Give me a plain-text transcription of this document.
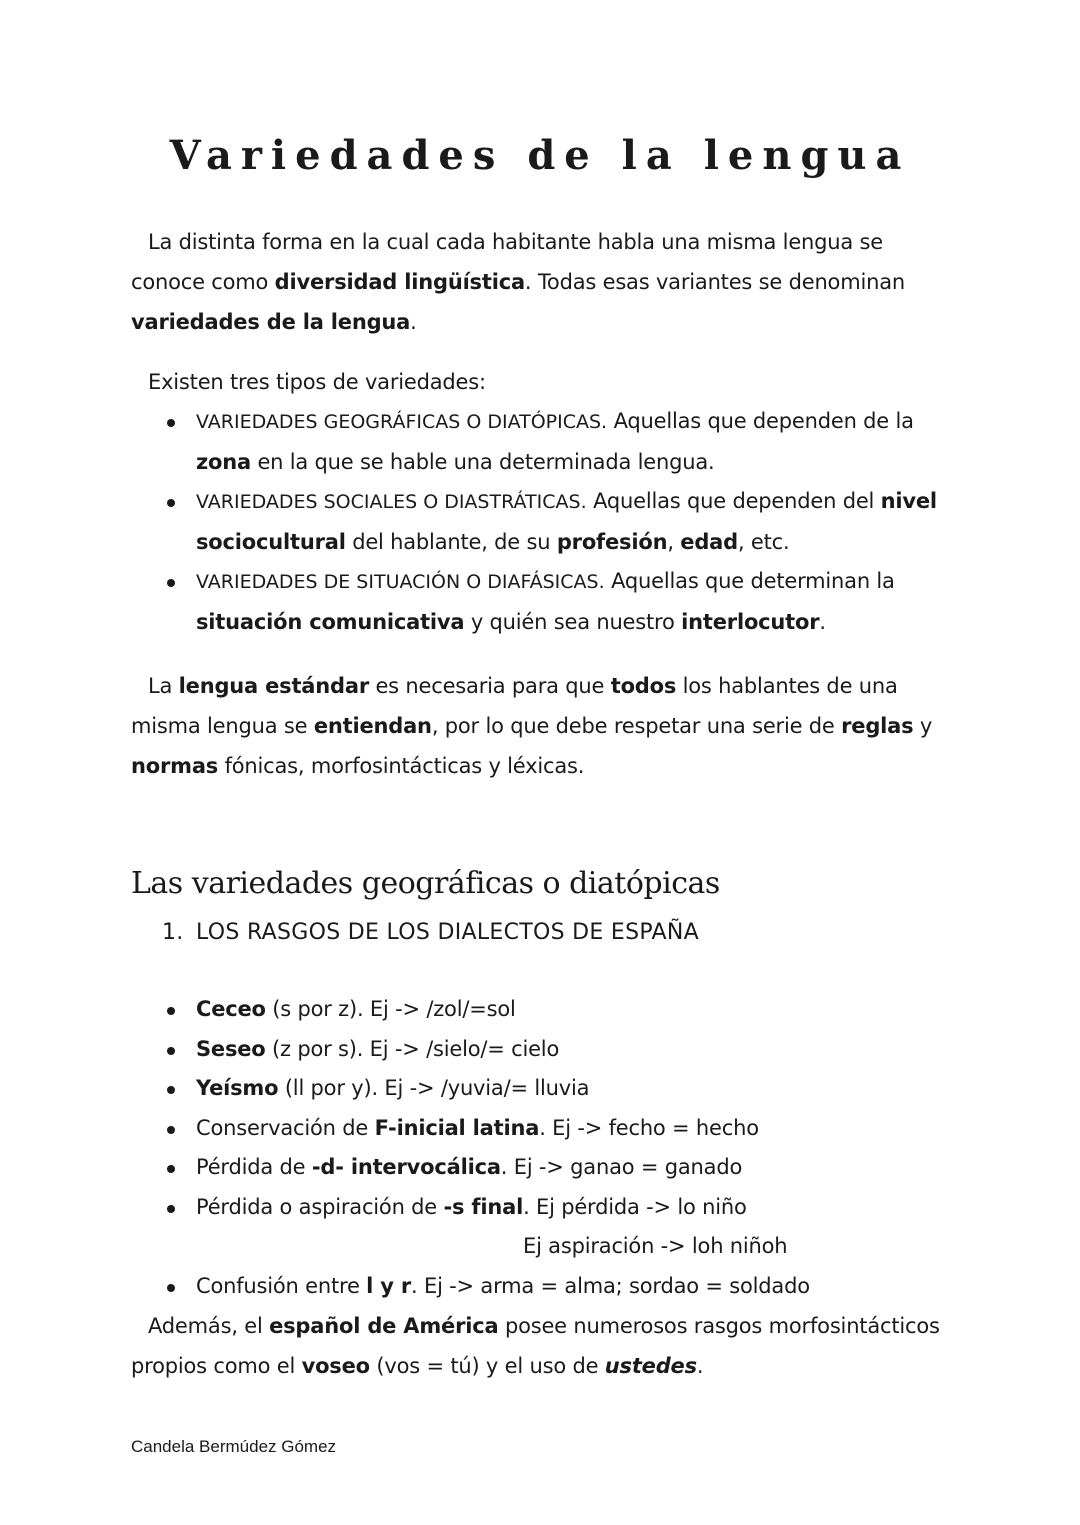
Variedades de la lengua

La distinta forma en la cual cada habitante habla una misma lengua se conoce como diversidad lingüística. Todas esas variantes se denominan variedades de la lengua.

Existen tres tipos de variedades:

VARIEDADES GEOGRÁFICAS O DIATÓPICAS. Aquellas que dependen de la zona en la que se hable una determinada lengua.
VARIEDADES SOCIALES O DIASTRÁTICAS. Aquellas que dependen del nivel sociocultural del hablante, de su profesión, edad, etc.
VARIEDADES DE SITUACIÓN O DIAFÁSICAS. Aquellas que determinan la situación comunicativa y quién sea nuestro interlocutor.

La lengua estándar es necesaria para que todos los hablantes de una misma lengua se entiendan, por lo que debe respetar una serie de reglas y normas fónicas, morfosintácticas y léxicas.

Las variedades geográficas o diatópicas

1. LOS RASGOS DE LOS DIALECTOS DE ESPAÑA

Ceceo (s por z). Ej -> /zol/=sol
Seseo (z por s). Ej -> /sielo/= cielo
Yeísmo (ll por y). Ej -> /yuvia/= lluvia
Conservación de F-inicial latina. Ej -> fecho = hecho
Pérdida de -d- intervocálica. Ej -> ganao = ganado
Pérdida o aspiración de -s final. Ej pérdida -> lo niño
Ej aspiración -> loh niñoh
Confusión entre l y r. Ej -> arma = alma; sordao = soldado

Además, el español de América posee numerosos rasgos morfosintácticos propios como el voseo (vos = tú) y el uso de ustedes.

Candela Bermúdez Gómez
